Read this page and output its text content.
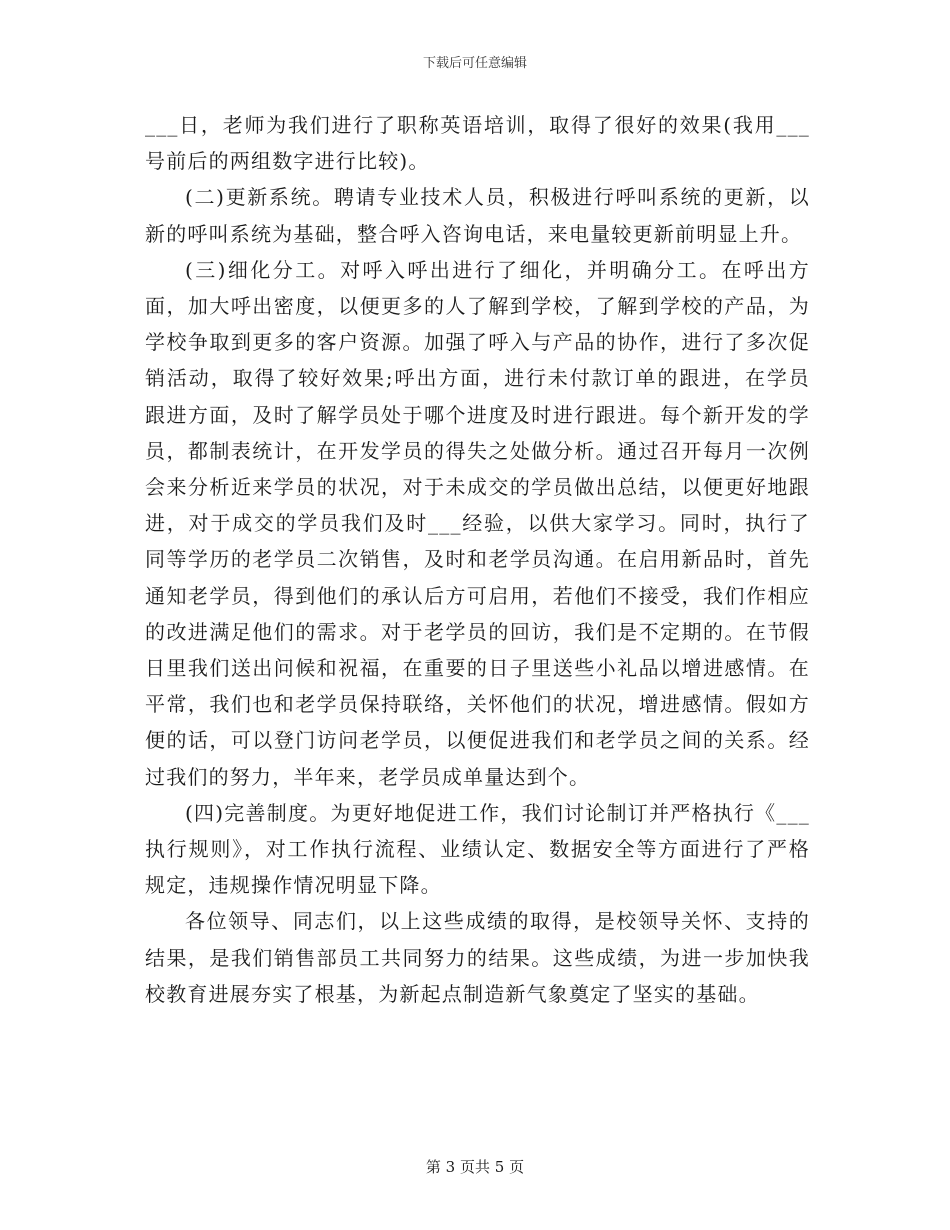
下载后可任意编辑

___日，老师为我们进行了职称英语培训，取得了很好的效果(我用___号前后的两组数字进行比较)。

(二)更新系统。聘请专业技术人员，积极进行呼叫系统的更新，以新的呼叫系统为基础，整合呼入咨询电话，来电量较更新前明显上升。

(三)细化分工。对呼入呼出进行了细化，并明确分工。在呼出方面，加大呼出密度，以便更多的人了解到学校，了解到学校的产品，为学校争取到更多的客户资源。加强了呼入与产品的协作，进行了多次促销活动，取得了较好效果;呼出方面，进行未付款订单的跟进，在学员跟进方面，及时了解学员处于哪个进度及时进行跟进。每个新开发的学员，都制表统计，在开发学员的得失之处做分析。通过召开每月一次例会来分析近来学员的状况，对于未成交的学员做出总结，以便更好地跟进，对于成交的学员我们及时___经验，以供大家学习。同时，执行了同等学历的老学员二次销售，及时和老学员沟通。在启用新品时，首先通知老学员，得到他们的承认后方可启用，若他们不接受，我们作相应的改进满足他们的需求。对于老学员的回访，我们是不定期的。在节假日里我们送出问候和祝福，在重要的日子里送些小礼品以增进感情。在平常，我们也和老学员保持联络，关怀他们的状况，增进感情。假如方便的话，可以登门访问老学员，以便促进我们和老学员之间的关系。经过我们的努力，半年来，老学员成单量达到个。

(四)完善制度。为更好地促进工作，我们讨论制订并严格执行《___执行规则》，对工作执行流程、业绩认定、数据安全等方面进行了严格规定，违规操作情况明显下降。

各位领导、同志们，以上这些成绩的取得，是校领导关怀、支持的结果，是我们销售部员工共同努力的结果。这些成绩，为进一步加快我校教育进展夯实了根基，为新起点制造新气象奠定了坚实的基础。

第 3 页共 5 页
